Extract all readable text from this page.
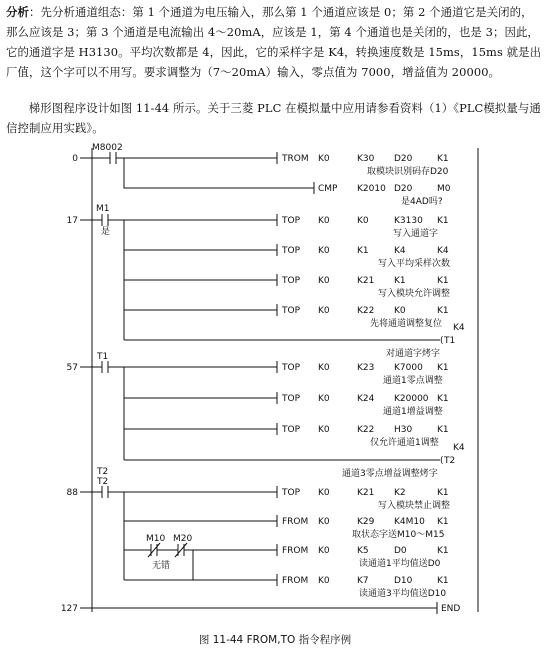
分析：先分析通道组态：第 1 个通道为电压输入，那么第 1 个通道应该是 0；第 2 个通道它是关闭的，那么应该是 3；第 3 个通道是电流输出 4～20mA，应该是 1，第 4 个通道也是关闭的，也是 3；因此，它的通道字是 H3130。平均次数都是 4，因此，它的采样字是 K4，转换速度数是 15ms，15ms 就是出厂值，这个字可以不用写。要求调整为（7～20mA）输入，零点值为 7000，增益值为 20000。

梯形图程序设计如图 11-44 所示。关于三菱 PLC 在模拟量中应用请参看资料（1）《PLC模拟量与通信控制应用实践》。

0
17
57
88
127
M8002
M1
是
T1
T2
T2
M10
无错
M20
TROM K0	K30 D20	K1
取模块识别码存D20
CMP K2010 D20	M0
是4AD吗?
TOP K0	K0	K3130 K1
写入通道字
TOP K0	K1	K4	K4
写入平均采样次数
TOP K0	K21 K1	K1
写入模块允许调整
TOP K0	K22 K0	K1
先将通道调整复位
TOP K0	K23 K7000 K1
通道1零点调整
TOP K0	K24 K20000 K1
通道1增益调整
TOP K0	K22 H30	K1
仅允许通道1调整
TOP K0	K21 K2	K1
写入模块禁止调整
FROM K0	K29 K4M10 K1
取状态字送M10～M15
FROM K0	K5	D0	K1
读通道1平均值送D0
FROM K0	K7	D10	K1
读通道3平均值送D10
( T1
K4
对通道字烤字
( T2
K4
通道3零点增益调整烤字
END
图 11-44 FROM,TO 指令程序例
